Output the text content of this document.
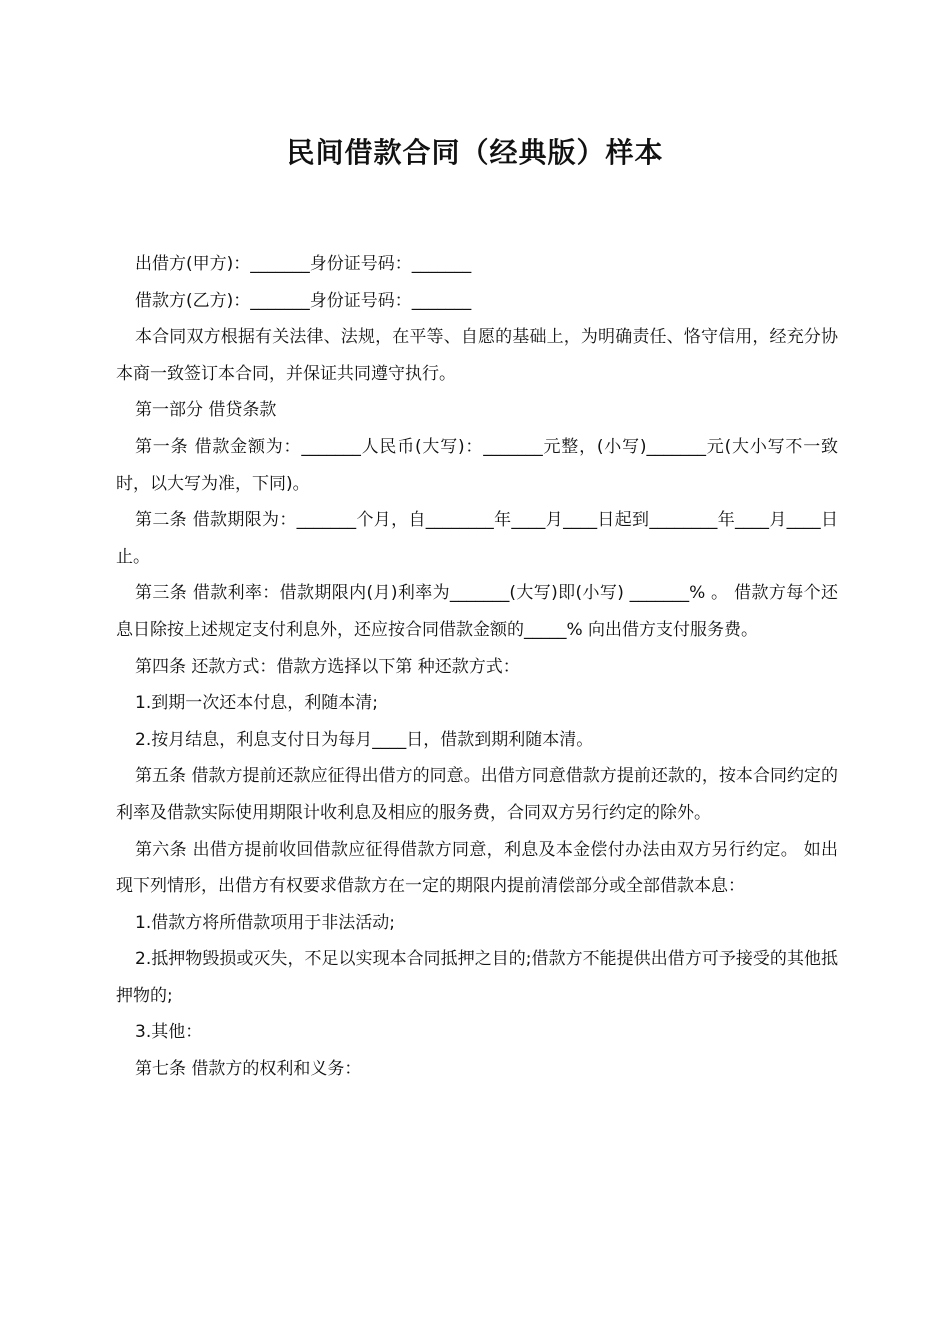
民间借款合同（经典版）样本

出借方(甲方)：_______身份证号码：_______

借款方(乙方)：_______身份证号码：_______

本合同双方根据有关法律、法规，在平等、自愿的基础上，为明确责任、恪守信用，经充分协本商一致签订本合同，并保证共同遵守执行。

第一部分 借贷条款

第一条 借款金额为：_______人民币(大写)：_______元整，(小写)_______元(大小写不一致时，以大写为准，下同)。

第二条 借款期限为：_______个月，自________年____月____日起到________年____月____日止。

第三条 借款利率：借款期限内(月)利率为_______(大写)即(小写) _______% 。 借款方每个还息日除按上述规定支付利息外，还应按合同借款金额的_____% 向出借方支付服务费。

第四条 还款方式：借款方选择以下第 种还款方式：

1.到期一次还本付息，利随本清;

2.按月结息，利息支付日为每月____日，借款到期利随本清。

第五条 借款方提前还款应征得出借方的同意。出借方同意借款方提前还款的，按本合同约定的利率及借款实际使用期限计收利息及相应的服务费，合同双方另行约定的除外。

第六条 出借方提前收回借款应征得借款方同意，利息及本金偿付办法由双方另行约定。 如出现下列情形，出借方有权要求借款方在一定的期限内提前清偿部分或全部借款本息：

1.借款方将所借款项用于非法活动;

2.抵押物毁损或灭失，不足以实现本合同抵押之目的;借款方不能提供出借方可予接受的其他抵押物的;

3.其他：

第七条 借款方的权利和义务：
